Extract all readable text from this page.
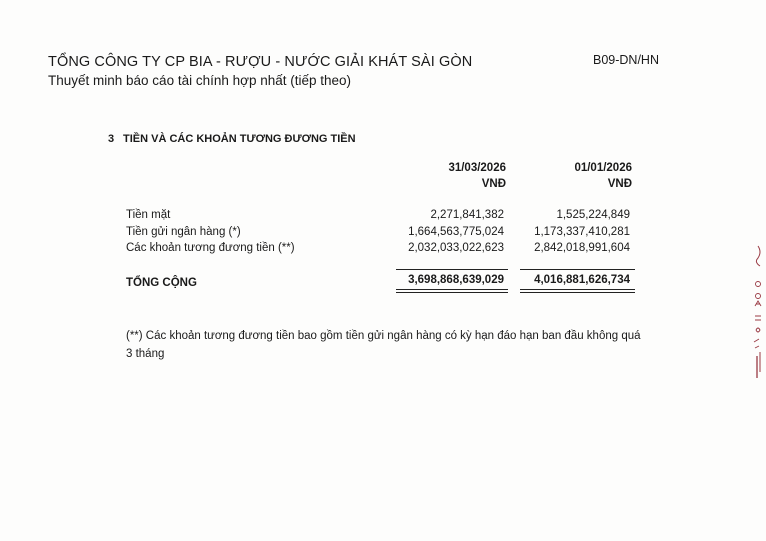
TỔNG CÔNG TY CP BIA - RƯỢU - NƯỚC GIẢI KHÁT SÀI GÒN
Thuyết minh báo cáo tài chính hợp nhất (tiếp theo)
B09-DN/HN
3 TIỀN VÀ CÁC KHOẢN TƯƠNG ĐƯƠNG TIỀN
31/03/2026
VNĐ
01/01/2026
VNĐ
Tiền mặt	2,271,841,382	1,525,224,849
Tiền gửi ngân hàng (*)	1,664,563,775,024	1,173,337,410,281
Các khoản tương đương tiền (**)	2,032,033,022,623	2,842,018,991,604
TỔNG CỘNG	3,698,868,639,029	4,016,881,626,734
(**) Các khoản tương đương tiền bao gồm tiền gửi ngân hàng có kỳ hạn đáo hạn ban đầu không quá 3 tháng
